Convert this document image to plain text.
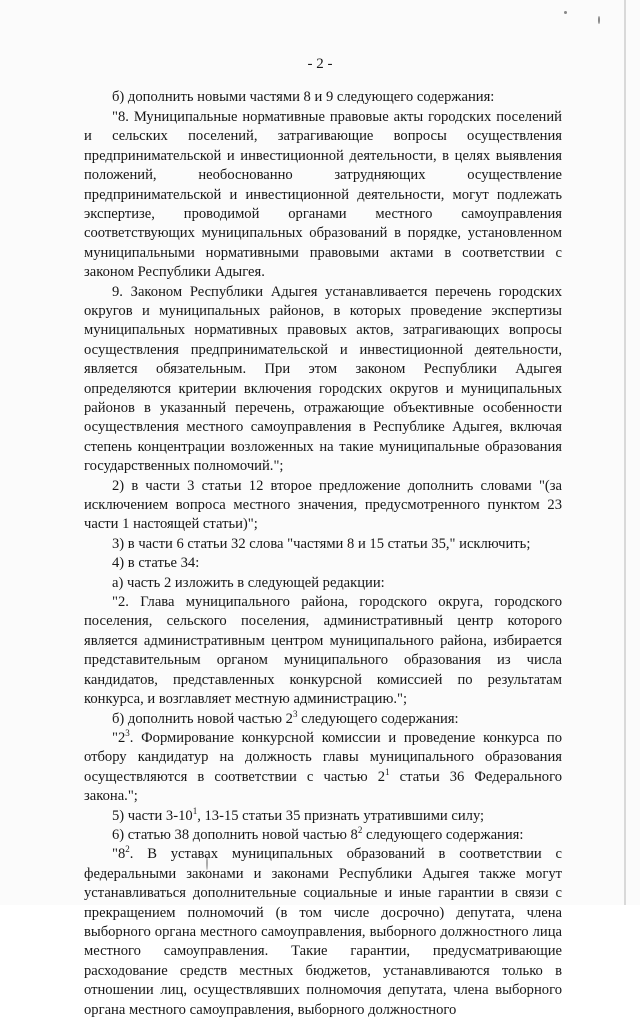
- 2 -

б) дополнить новыми частями 8 и 9 следующего содержания:

"8. Муниципальные нормативные правовые акты городских поселений и сельских поселений, затрагивающие вопросы осуществления предпринимательской и инвестиционной деятельности, в целях выявления положений, необоснованно затрудняющих осуществление предпринимательской и инвестиционной деятельности, могут подлежать экспертизе, проводимой органами местного самоуправления соответствующих муниципальных образований в порядке, установленном муниципальными нормативными правовыми актами в соответствии с законом Республики Адыгея.

9. Законом Республики Адыгея устанавливается перечень городских округов и муниципальных районов, в которых проведение экспертизы муниципальных нормативных правовых актов, затрагивающих вопросы осуществления предпринимательской и инвестиционной деятельности, является обязательным. При этом законом Республики Адыгея определяются критерии включения городских округов и муниципальных районов в указанный перечень, отражающие объективные особенности осуществления местного самоуправления в Республике Адыгея, включая степень концентрации возложенных на такие муниципальные образования государственных полномочий.";

2) в части 3 статьи 12 второе предложение дополнить словами "(за исключением вопроса местного значения, предусмотренного пунктом 23 части 1 настоящей статьи)";

3) в части 6 статьи 32 слова "частями 8 и 15 статьи 35," исключить;

4) в статье 34:

а) часть 2 изложить в следующей редакции:

"2. Глава муниципального района, городского округа, городского поселения, сельского поселения, административный центр которого является административным центром муниципального района, избирается представительным органом муниципального образования из числа кандидатов, представленных конкурсной комиссией по результатам конкурса, и возглавляет местную администрацию.";

б) дополнить новой частью $2^3$ следующего содержания:

"$2^3$. Формирование конкурсной комиссии и проведение конкурса по отбору кандидатур на должность главы муниципального образования осуществляются в соответствии с частью $2^1$ статьи 36 Федерального закона.";

5) части $3-10^1$, 13-15 статьи 35 признать утратившими силу;

6) статью 38 дополнить новой частью $8^2$ следующего содержания:

"$8^2$. В уставах муниципальных образований в соответствии с федеральными законами и законами Республики Адыгея также могут устанавливаться дополнительные социальные и иные гарантии в связи с прекращением полномочий (в том числе досрочно) депутата, члена выборного органа местного самоуправления, выборного должностного лица местного самоуправления. Такие гарантии, предусматривающие расходование средств местных бюджетов, устанавливаются только в отношении лиц, осуществлявших полномочия депутата, члена выборного органа местного самоуправления, выборного должностного
